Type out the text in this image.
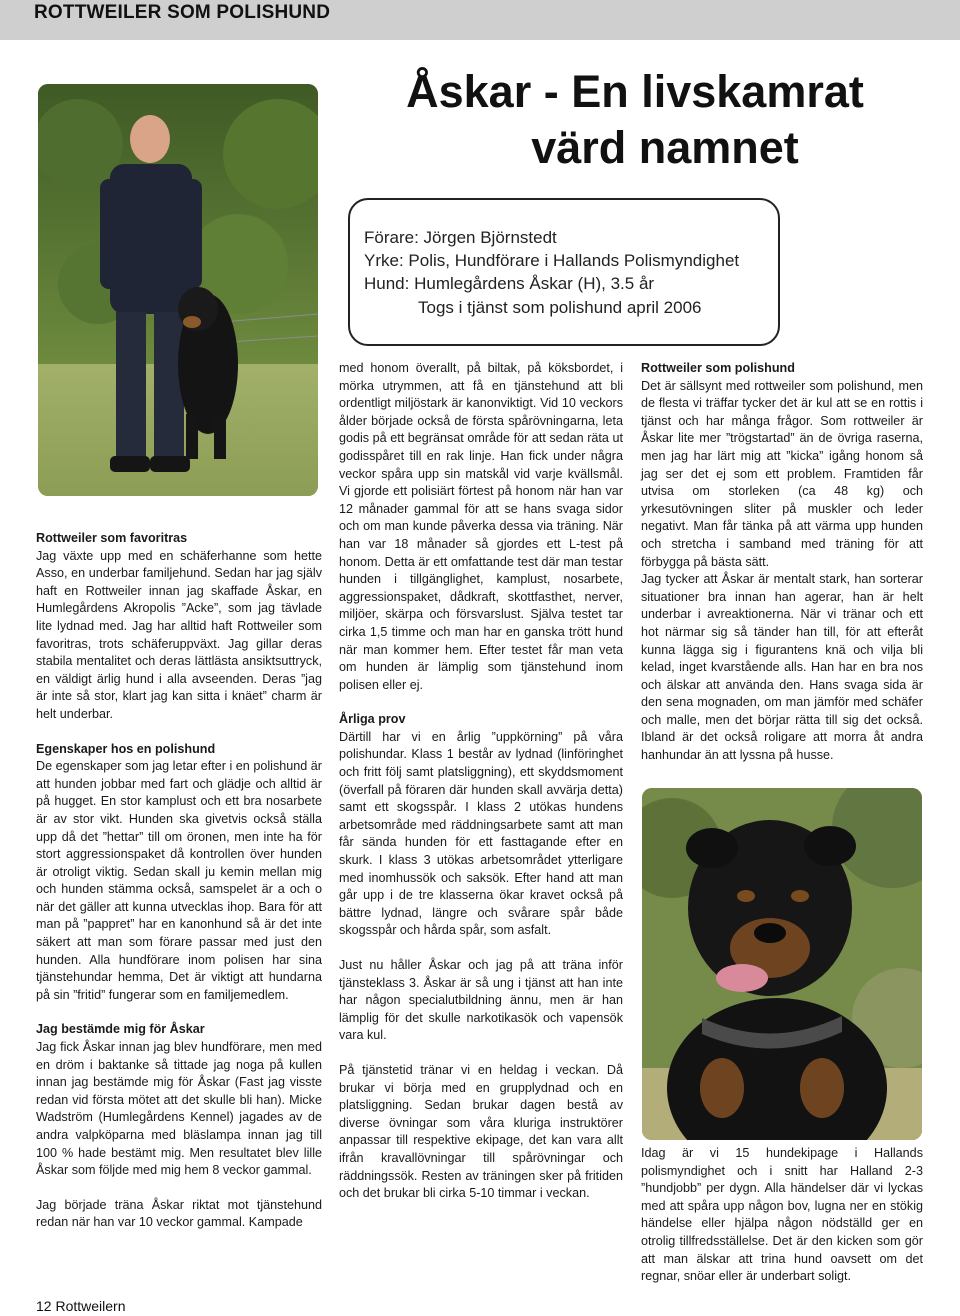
ROTTWEILER SOM POLISHUND
Åskar - En livskamrat
värd namnet
Förare: Jörgen Björnstedt
Yrke: Polis, Hundförare i Hallands Polismyndighet
Hund: Humlegårdens Åskar (H), 3.5 år
Togs i tjänst som polishund april 2006
Rottweiler som favoritras

Jag växte upp med en schäferhanne som hette Asso, en underbar familjehund. Sedan har jag själv haft en Rottweiler innan jag skaffade Åskar, en Humlegårdens Akropolis ”Acke”, som jag tävlade lite lydnad med. Jag har alltid haft Rottweiler som favoritras, trots schäferuppväxt. Jag gillar deras stabila mentalitet och deras lättlästa ansiktsuttryck, en väldigt ärlig hund i alla avseenden. Deras ”jag är inte så stor, klart jag kan sitta i knäet” charm är helt underbar.

Egenskaper hos en polishund

De egenskaper som jag letar efter i en polishund är att hunden jobbar med fart och glädje och alltid är på hugget. En stor kamplust och ett bra nosarbete är av stor vikt. Hunden ska givetvis också ställa upp då det ”hettar” till om öronen, men inte ha för stort aggressionspaket då kontrollen över hunden är otroligt viktig. Sedan skall ju kemin mellan mig och hunden stämma också, samspelet är a och o när det gäller att kunna utvecklas ihop. Bara för att man på ”pappret” har en kanonhund så är det inte säkert att man som förare passar med just den hunden. Alla hundförare inom polisen har sina tjänstehundar hemma, Det är viktigt att hundarna på sin ”fritid” fungerar som en familjemedlem.

Jag bestämde mig för Åskar

Jag fick Åskar innan jag blev hundförare, men med en dröm i baktanke så tittade jag noga på kullen innan jag bestämde mig för Åskar (Fast jag visste redan vid första mötet att det skulle bli han). Micke Wadström (Humlegårdens Kennel) jagades av de andra valpköparna med bläslampa innan jag till 100 % hade bestämt mig. Men resultatet blev lille Åskar som följde med mig hem 8 veckor gammal.

Jag började träna Åskar riktat mot tjänstehund redan när han var 10 veckor gammal. Kampade

med honom överallt, på biltak, på köksbordet, i mörka utrymmen, att få en tjänstehund att bli ordentligt miljöstark är kanonviktigt. Vid 10 veckors ålder började också de första spårövningarna, leta godis på ett begränsat område för att sedan räta ut godisspåret till en rak linje. Han fick under några veckor spåra upp sin matskål vid varje kvällsmål. Vi gjorde ett polisiärt förtest på honom när han var 12 månader gammal för att se hans svaga sidor och om man kunde påverka dessa via träning. När han var 18 månader så gjordes ett L-test på honom. Detta är ett omfattande test där man testar hunden i tillgänglighet, kamplust, nosarbete, aggressionspaket, dådkraft, skottfasthet, nerver, miljöer, skärpa och försvarslust. Själva testet tar cirka 1,5 timme och man har en ganska trött hund när man kommer hem. Efter testet får man veta om hunden är lämplig som tjänstehund inom polisen eller ej.

Årliga prov

Därtill har vi en årlig ”uppkörning” på våra polishundar. Klass 1 består av lydnad (linföringhet och fritt följ samt platsliggning), ett skyddsmoment (överfall på föraren där hunden skall avvärja detta) samt ett skogsspår. I klass 2 utökas hundens arbetsområde med räddningsarbete samt att man får sända hunden för ett fasttagande efter en skurk. I klass 3 utökas arbetsområdet ytterligare med inomhussök och saksök. Efter hand att man går upp i de tre klasserna ökar kravet också på bättre lydnad, längre och svårare spår både skogsspår och hårda spår, som asfalt.

Just nu håller Åskar och jag på att träna inför tjänsteklass 3. Åskar är så ung i tjänst att han inte har någon specialutbildning ännu, men är han lämplig för det skulle narkotikasök och vapensök vara kul.

På tjänstetid tränar vi en heldag i veckan. Då brukar vi börja med en grupplydnad och en platsliggning. Sedan brukar dagen bestå av diverse övningar som våra kluriga instruktörer anpassar till respektive ekipage, det kan vara allt ifrån kravallövningar till spårövningar och räddningssök. Resten av träningen sker på fritiden och det brukar bli cirka 5-10 timmar i veckan.

Rottweiler som polishund

Det är sällsynt med rottweiler som polishund, men de flesta vi träffar tycker det är kul att se en rottis i tjänst och har många frågor. Som rottweiler är Åskar lite mer ”trögstartad” än de övriga raserna, men jag har lärt mig att ”kicka” igång honom så jag ser det ej som ett problem. Framtiden får utvisa om storleken (ca 48 kg) och yrkesutövningen sliter på muskler och leder negativt. Man får tänka på att värma upp hunden och stretcha i samband med träning för att förbygga på bästa sätt.

Jag tycker att Åskar är mentalt stark, han sorterar situationer bra innan han agerar, han är helt underbar i avreaktionerna. När vi tränar och ett hot närmar sig så tänder han till, för att efteråt kunna lägga sig i figurantens knä och vilja bli kelad, inget kvarstående alls. Han har en bra nos och älskar att använda den. Hans svaga sida är den sena mognaden, om man jämför med schäfer och malle, men det börjar rätta till sig det också. Ibland är det också roligare att morra åt andra hanhundar än att lyssna på husse.

Idag är vi 15 hundekipage i Hallands polismyndighet och i snitt har Halland 2-3 ”hundjobb” per dygn. Alla händelser där vi lyckas med att spåra upp någon bov, lugna ner en stökig händelse eller hjälpa någon nödställd ger en otrolig tillfredsställelse. Det är den kicken som gör att man älskar att trina hund oavsett om det regnar, snöar eller är underbart soligt.

12 Rottweilern
